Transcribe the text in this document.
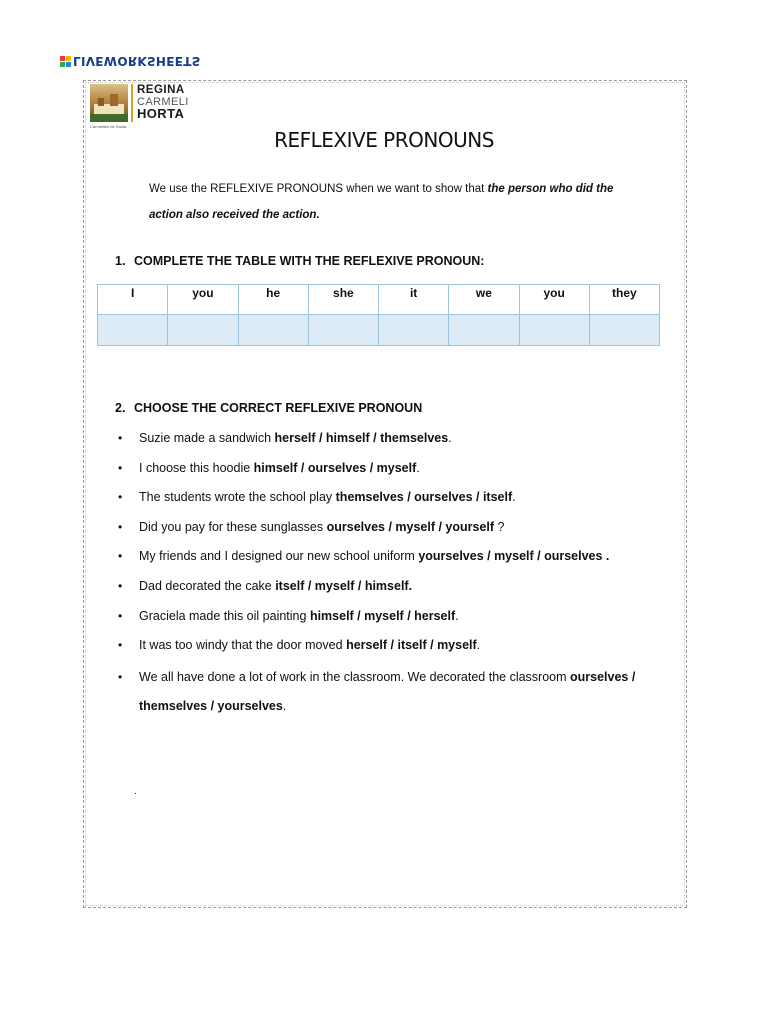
LIVEWORKSHEETS
REGINA
CARMELI
HORTA
Carmelites de Santa
REFLEXIVE PRONOUNS
We use the REFLEXIVE PRONOUNS when we want to show that the person who did the
action also received the action.
1. COMPLETE THE TABLE WITH THE REFLEXIVE PRONOUN:
I	you	he	she	it	we	you	they

2. CHOOSE THE CORRECT REFLEXIVE PRONOUN
• Suzie made a sandwich herself / himself / themselves.
• I choose this hoodie himself / ourselves / myself.
• The students wrote the school play themselves / ourselves / itself.
• Did you pay for these sunglasses ourselves / myself / yourself ?
• My friends and I designed our new school uniform yourselves / myself / ourselves .
• Dad decorated the cake itself / myself / himself.
• Graciela made this oil painting himself / myself / herself.
• It was too windy that the door moved herself / itself / myself.
• We all have done a lot of work in the classroom. We decorated the classroom ourselves / themselves / yourselves.
.
